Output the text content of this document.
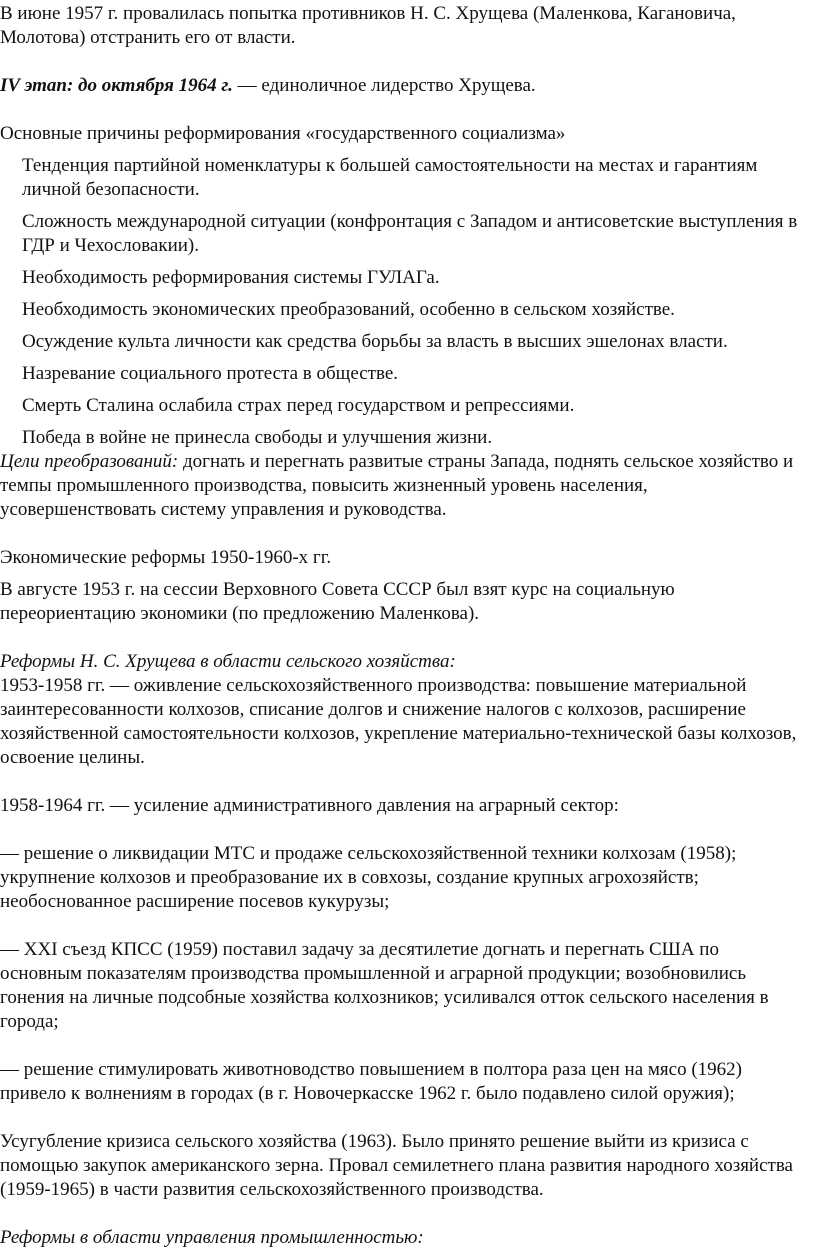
В июне 1957 г. провалилась попытка противников Н. С. Хрущева (Маленкова, Кагановича, Молотова) отстранить его от власти.

IV этап: до октября 1964 г. — единоличное лидерство Хрущева.

Основные причины реформирования «государственного социализма»

Тенденция партийной номенклатуры к большей самостоятельности на местах и гарантиям личной безопасности.
Сложность международной ситуации (конфронтация с Западом и антисоветские выступления в ГДР и Чехословакии).
Необходимость реформирования системы ГУЛАГа.
Необходимость экономических преобразований, особенно в сельском хозяйстве.
Осуждение культа личности как средства борьбы за власть в высших эшелонах власти.
Назревание социального протеста в обществе.
Смерть Сталина ослабила страх перед государством и репрессиями.
Победа в войне не принесла свободы и улучшения жизни.

Цели преобразований: догнать и перегнать развитые страны Запада, поднять сельское хозяйство и темпы промышленного производства, повысить жизненный уровень населения, усовершенствовать систему управления и руководства.

Экономические реформы 1950-1960-х гг.

В августе 1953 г. на сессии Верховного Совета СССР был взят курс на социальную переориентацию экономики (по предложению Маленкова).

Реформы Н. С. Хрущева в области сельского хозяйства:

1953-1958 гг. — оживление сельскохозяйственного производства: повышение материальной заинтересованности колхозов, списание долгов и снижение налогов с колхозов, расширение хозяйственной самостоятельности колхозов, укрепление материально-технической базы колхозов, освоение целины.

1958-1964 гг. — усиление административного давления на аграрный сектор:

— решение о ликвидации МТС и продаже сельскохозяйственной техники колхозам (1958); укрупнение колхозов и преобразование их в совхозы, создание крупных агрохозяйств; необоснованное расширение посевов кукурузы;

— XXI съезд КПСС (1959) поставил задачу за десятилетие догнать и перегнать США по основным показателям производства промышленной и аграрной продукции; возобновились гонения на личные подсобные хозяйства колхозников; усиливался отток сельского населения в города;

— решение стимулировать животноводство повышением в полтора раза цен на мясо (1962) привело к волнениям в городах (в г. Новочеркасске 1962 г. было подавлено силой оружия);

Усугубление кризиса сельского хозяйства (1963). Было принято решение выйти из кризиса с помощью закупок американского зерна. Провал семилетнего плана развития народного хозяйства (1959-1965) в части развития сельскохозяйственного производства.

Реформы в области управления промышленностью:
